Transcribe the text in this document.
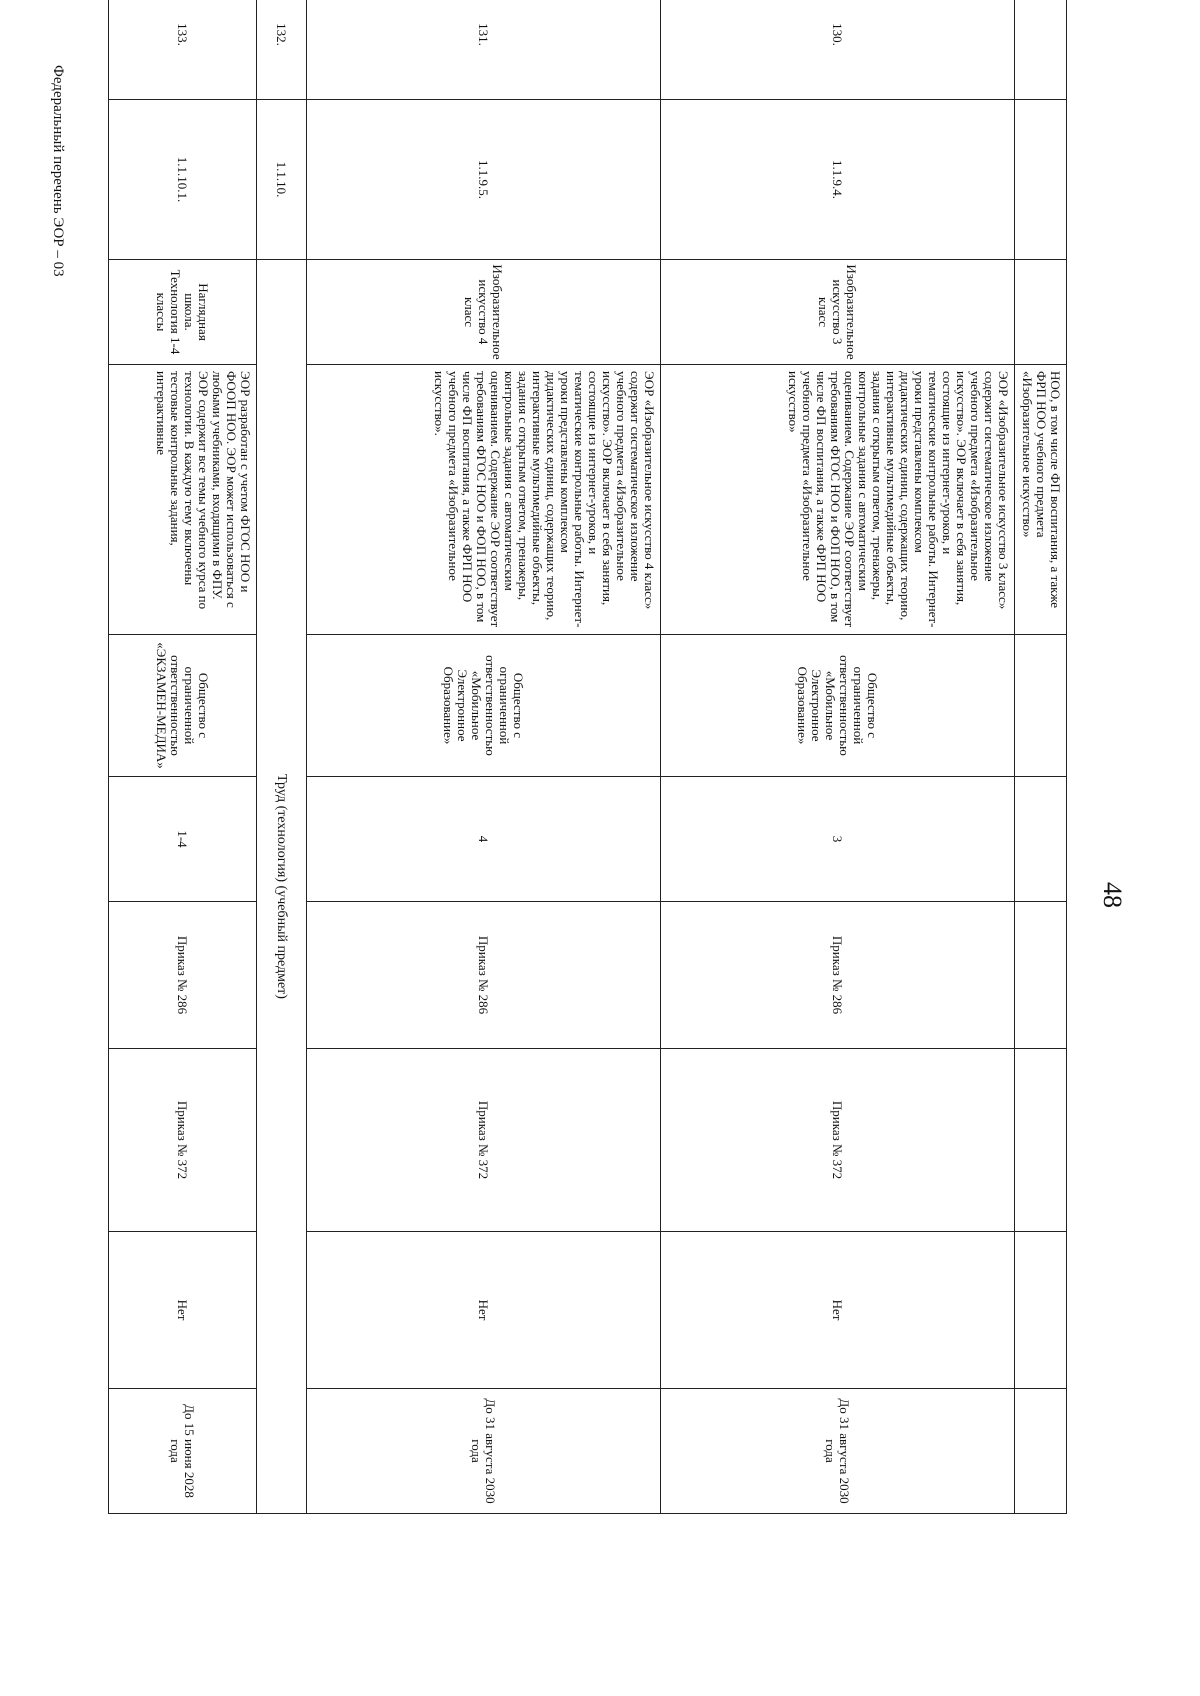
48
Федеральный перечень ЭОР – 03
			НОО, в том числе ФП воспитания, а также ФРП НОО учебного предмета «Изобразительное искусство»						
130.	1.1.9.4.	Изобразительное искусство 3 класс	ЭОР «Изобразительное искусство 3 класс» содержит систематическое изложение учебного предмета «Изобразительное искусство». ЭОР включает в себя занятия, состоящие из интернет-уроков, и тематические контрольные работы. Интернет-уроки представлены комплексом дидактических единиц, содержащих теорию, интерактивные мультимедийные объекты, задания с открытым ответом, тренажеры, контрольные задания с автоматическим оцениванием. Содержание ЭОР соответствует требованиям ФГОС НОО и ФОП НОО, в том числе ФП воспитания, а также ФРП НОО учебного предмета «Изобразительное искусство»	Общество с ограниченной ответственностью «Мобильное Электронное Образование»	3	Приказ № 286	Приказ № 372	Нет	До 31 августа 2030 года
131.	1.1.9.5.	Изобразительное искусство 4 класс	ЭОР «Изобразительное искусство 4 класс» содержит систематическое изложение учебного предмета «Изобразительное искусство». ЭОР включает в себя занятия, состоящие из интернет-уроков, и тематические контрольные работы. Интернет-уроки представлены комплексом дидактических единиц, содержащих теорию, интерактивные мультимедийные объекты, задания с открытым ответом, тренажеры, контрольные задания с автоматическим оцениванием. Содержание ЭОР соответствует требованиям ФГОС НОО и ФОП НОО, в том числе ФП воспитания, а также ФРП НОО учебного предмета «Изобразительное искусство».	Общество с ограниченной ответственностью «Мобильное Электронное Образование»	4	Приказ № 286	Приказ № 372	Нет	До 31 августа 2030 года
132.	1.1.10.	Труд (технология) (учебный предмет)							
133.	1.1.10.1.	Наглядная школа. Технология 1-4 классы	ЭОР разработан с учетом ФГОС НОО и ФООП НОО. ЭОР может использоваться с любыми учебниками, входящими в ФПУ. ЭОР содержит все темы учебного курса по технологии. В каждую тему включены тестовые контрольные задания, интерактивные	Общество с ограниченной ответственностью «ЭКЗАМЕН-МЕДИА»	1-4	Приказ № 286	Приказ № 372	Нет	До 15 июня 2028 года
